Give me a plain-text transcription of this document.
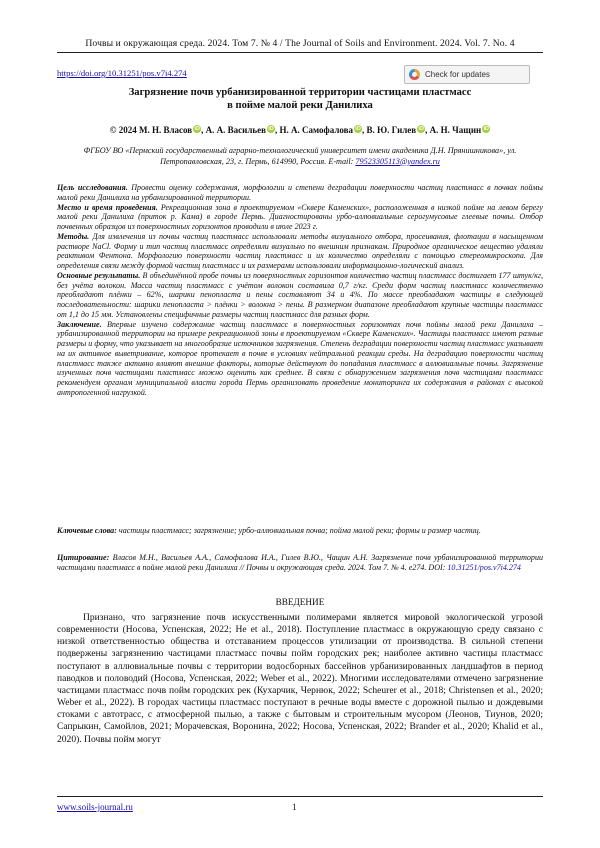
Почвы и окружающая среда. 2024. Том 7. № 4 / The Journal of Soils and Environment. 2024. Vol. 7. No. 4
https://doi.org/10.31251/pos.v7i4.274	Check for updates
Загрязнение почв урбанизированной территории частицами пластмасс
в пойме малой реки Данилиха
© 2024 М. Н. Власов iD, А. А. Васильев iD, Н. А. Самофалова iD, В. Ю. Гилев iD, А. Н. Чащин iD
ФГБОУ ВО «Пермский государственный аграрно-технологический университет имени академика Д.Н. Прянишникова», ул. Петропавловская, 23, г. Пермь, 614990, Россия. E-mail: 79523305113@yandex.ru

Цель исследования. Провести оценку содержания, морфологии и степени деградации поверхности частиц пластмасс в почвах поймы малой реки Данилиха на урбанизированной территории.

Место и время проведения. Рекреационная зона в проектируемом «Сквере Каменских», расположенная в низкой пойме на левом берегу малой реки Данилиха (приток р. Кама) в городе Пермь. Диагностированы урбо-аллювиальные серогумусовые глеевые почвы. Отбор почвенных образцов из поверхностных горизонтов проводили в июле 2023 г.

Методы. Для извлечения из почвы частиц пластмасс использовали методы визуального отбора, просеивания, флотации в насыщенном растворе NaCl. Форму и тип частиц пластмасс определяли визуально по внешним признакам. Природное органическое вещество удаляли реактивом Фентона. Морфологию поверхности частиц пластмасс и их количество определяли с помощью стереомикроскопа. Для определения связи между формой частиц пластмасс и их размерами использовали информационно-логический анализ.

Основные результаты. В объединённой пробе почвы из поверхностных горизонтов количество частиц пластмасс достигает 177 штук/кг, без учёта волокон. Масса частиц пластмасс с учётом волокон составила 0,7 г/кг. Среди форм частиц пластмасс количественно преобладают плёнки – 62%, шарики пенопласта и пены составляют 34 и 4%. По массе преобладают частицы в следующей последовательности: шарики пенопласта > плёнки > волокна > пены. В размерном диапазоне преобладают крупные частицы пластмасс от 1,1 до 15 мм. Установлены специфичные размеры частиц пластмасс для разных форм.

Заключение. Впервые изучено содержание частиц пластмасс в поверхностных горизонтах почв поймы малой реки Данилиха – урбанизированной территории на примере рекреационной зоны в проектируемом «Сквере Каменских». Частицы пластмасс имеют разные размеры и форму, что указывает на многообразие источников загрязнения. Степень деградации поверхности частиц пластмасс указывает на их активное выветривание, которое протекает в почве в условиях нейтральной реакции среды. На деградацию поверхности частиц пластмасс также активно влияют внешние факторы, которые действуют до попадания пластмасс в аллювиальные почвы. Загрязнение изученных почв частицами пластмасс можно оценить как среднее. В связи с обнаружением загрязнения почв частицами пластмасс рекомендуем органам муниципальной власти города Пермь организовать проведение мониторинга их содержания в районах с высокой антропогенной нагрузкой.

Ключевые слова: частицы пластмасс; загрязнение; урбо-аллювиальная почва; пойма малой реки; формы и размер частиц.
Цитирование: Власов М.Н., Васильев А.А., Самофалова И.А., Гилев В.Ю., Чащин А.Н. Загрязнение почв урбанизированной территории частицами пластмасс в пойме малой реки Данилиха // Почвы и окружающая среда. 2024. Том 7. № 4. e274. DOI: 10.31251/pos.v7i4.274
ВВЕДЕНИЕ
Признано, что загрязнение почв искусственными полимерами является мировой экологической угрозой современности (Носова, Успенская, 2022; He et al., 2018). Поступление пластмасс в окружающую среду связано с низкой ответственностью общества и отставанием процессов утилизации от производства. В сильной степени подвержены загрязнению частицами пластмасс почвы пойм городских рек; наиболее активно частицы пластмасс поступают в аллювиальные почвы с территории водосборных бассейнов урбанизированных ландшафтов в период паводков и половодий (Носова, Успенская, 2022; Weber et al., 2022). Многими исследователями отмечено загрязнение частицами пластмасс почв пойм городских рек (Кухарчик, Чернюк, 2022; Scheurer et al., 2018; Christensen et al., 2020; Weber et al., 2022). В городах частицы пластмасс поступают в речные воды вместе с дорожной пылью и дождевыми стоками с автотрасс, с атмосферной пылью, а также с бытовым и строительным мусором (Леонов, Тиунов, 2020; Сапрыкин, Самойлов, 2021; Морачевская, Воронина, 2022; Носова, Успенская, 2022; Brander et al., 2020; Khalid et al., 2020). Почвы пойм могут
www.soils-journal.ru	1
